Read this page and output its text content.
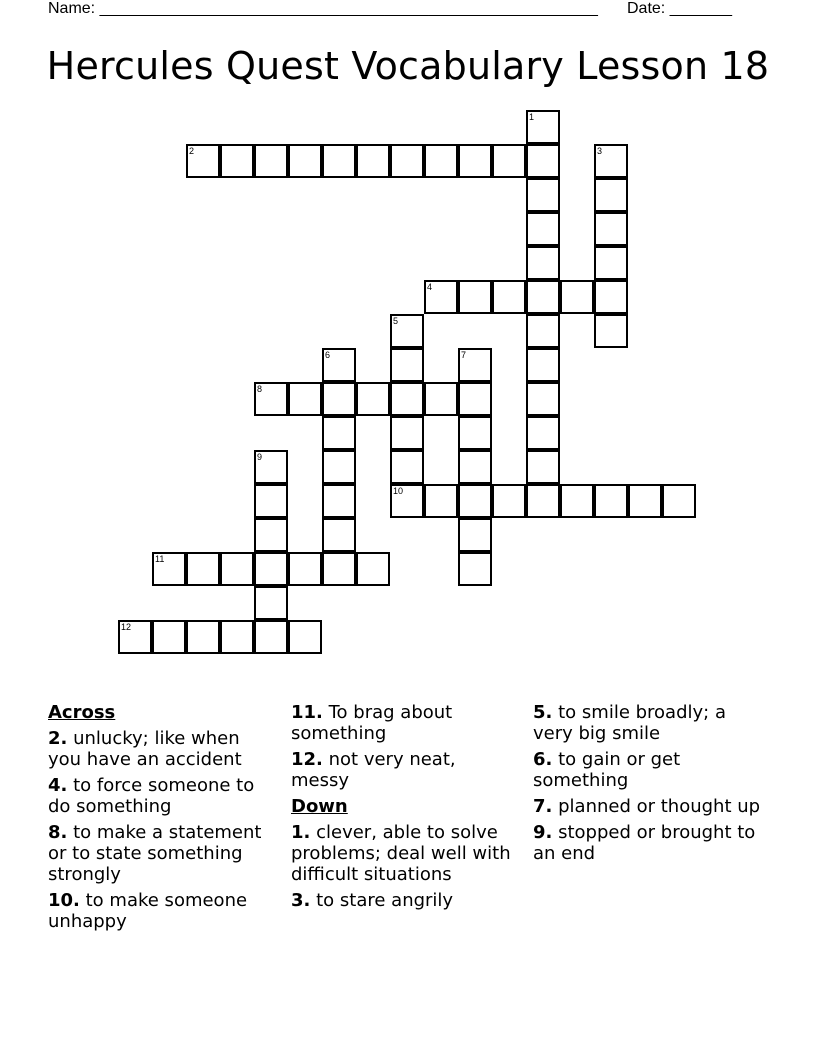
Name: ________________________________________________________ Date: _______
Hercules Quest Vocabulary Lesson 18
1
2	3
4
5
10
6	7
8
9
11
12
Across
2. unlucky; like when you have an accident
4. to force someone to do something
8. to make a statement or to state something strongly
10. to make someone unhappy
11. To brag about something
12. not very neat, messy
Down
1. clever, able to solve problems; deal well with difficult situations
3. to stare angrily
5. to smile broadly; a very big smile
6. to gain or get something
7. planned or thought up
9. stopped or brought to an end
